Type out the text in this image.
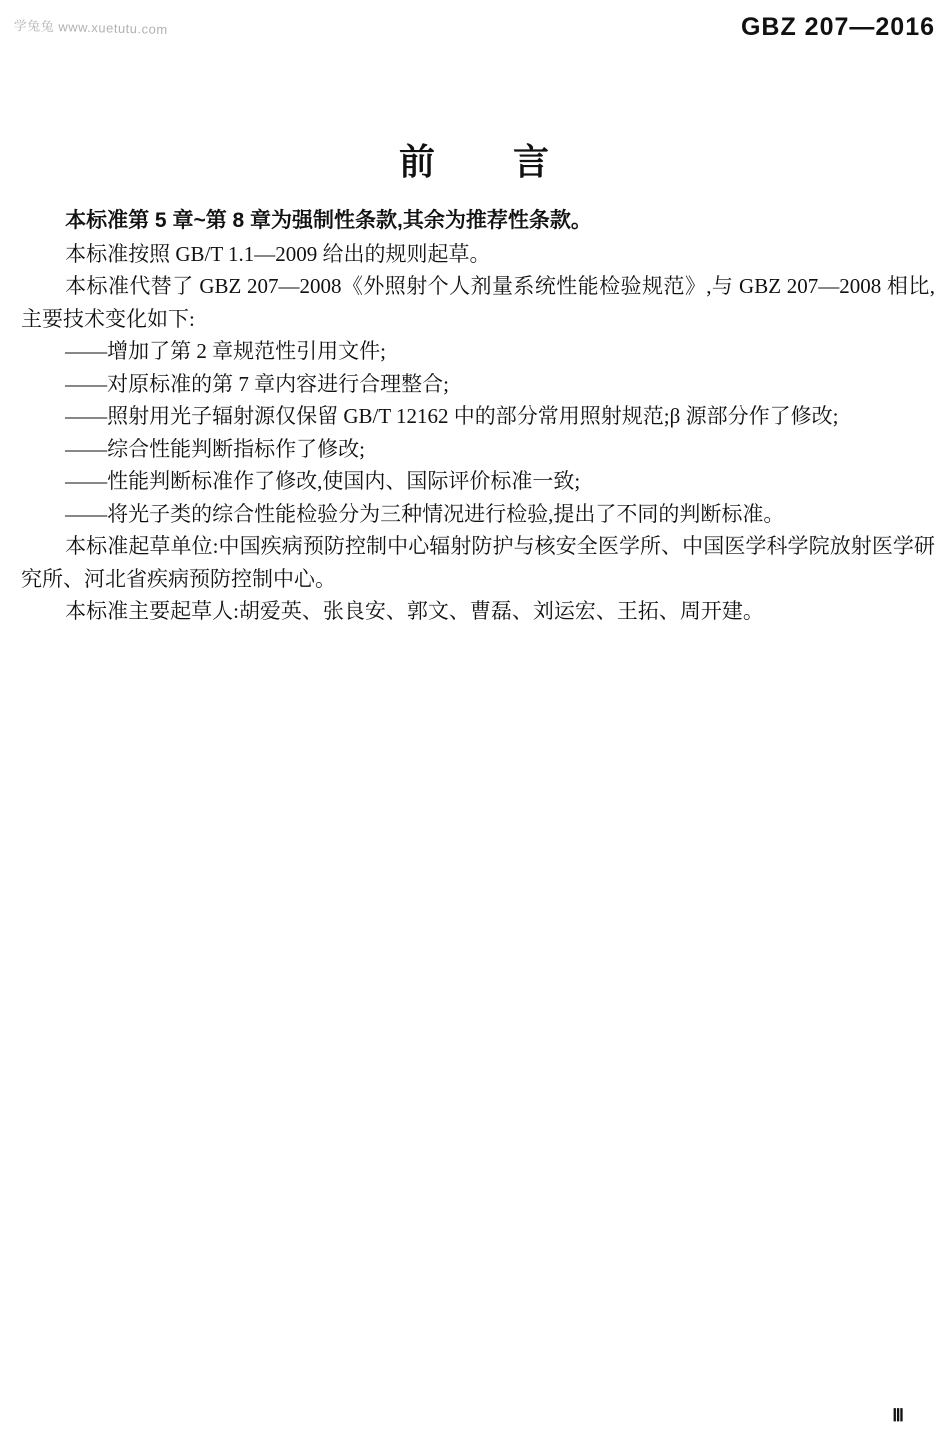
学兔兔 www.xuetutu.com	GBZ 207—2016
前　　言

本标准第 5 章~第 8 章为强制性条款,其余为推荐性条款。

本标准按照 GB/T 1.1—2009 给出的规则起草。

本标准代替了 GBZ 207—2008《外照射个人剂量系统性能检验规范》,与 GBZ 207—2008 相比,主要技术变化如下:

——增加了第 2 章规范性引用文件;

——对原标准的第 7 章内容进行合理整合;

——照射用光子辐射源仅保留 GB/T 12162 中的部分常用照射规范;β 源部分作了修改;

——综合性能判断指标作了修改;

——性能判断标准作了修改,使国内、国际评价标准一致;

——将光子类的综合性能检验分为三种情况进行检验,提出了不同的判断标准。

本标准起草单位:中国疾病预防控制中心辐射防护与核安全医学所、中国医学科学院放射医学研究所、河北省疾病预防控制中心。

本标准主要起草人:胡爱英、张良安、郭文、曹磊、刘运宏、王拓、周开建。

Ⅲ
